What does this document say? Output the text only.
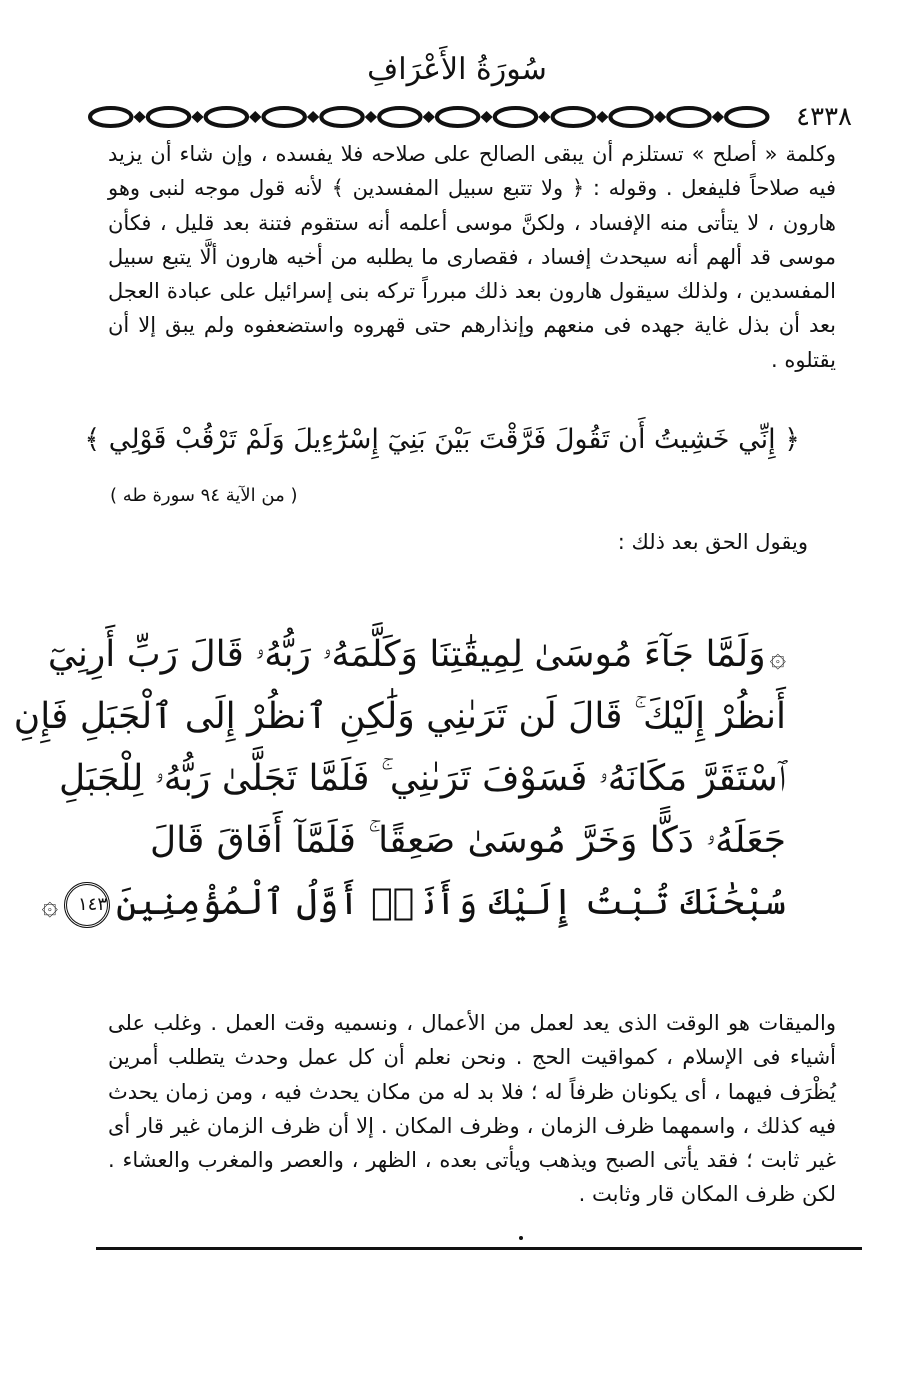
سُورَةُ الأَعْرَافِ
٤٣٣٨
وكلمة « أصلح » تستلزم أن يبقى الصالح على صلاحه فلا يفسده ، وإن شاء أن يزيد فيه صلاحاً فليفعل . وقوله : ﴿ ولا تتبع سبيل المفسدين ﴾ لأنه قول موجه لنبى وهو هارون ، لا يتأتى منه الإفساد ، ولكنَّ موسى أعلمه أنه ستقوم فتنة بعد قليل ، فكأن موسى قد ألهم أنه سيحدث إفساد ، فقصارى ما يطلبه من أخيه هارون ألَّا يتبع سبيل المفسدين ، ولذلك سيقول هارون بعد ذلك مبرراً تركه بنى إسرائيل على عبادة العجل بعد أن بذل غاية جهده فى منعهم وإنذارهم حتى قهروه واستضعفوه ولم يبق إلا أن يقتلوه .
﴿ إِنِّي خَشِيتُ أَن تَقُولَ فَرَّقْتَ بَيْنَ بَنِيٓ إِسْرَٰٓءِيلَ وَلَمْ تَرْقُبْ قَوْلِي ﴾
( من الآية ٩٤ سورة طه )
ويقول الحق بعد ذلك :
۞وَلَمَّا جَآءَ مُوسَىٰ لِمِيقَٰتِنَا وَكَلَّمَهُۥ رَبُّهُۥ قَالَ رَبِّ أَرِنِيٓ
أَنظُرْ إِلَيْكَ ۚ قَالَ لَن تَرَىٰنِي وَلَٰكِنِ ٱنظُرْ إِلَى ٱلْجَبَلِ فَإِنِ
ٱسْتَقَرَّ مَكَانَهُۥ فَسَوْفَ تَرَىٰنِي ۚ فَلَمَّا تَجَلَّىٰ رَبُّهُۥ لِلْجَبَلِ
جَعَلَهُۥ دَكًّا وَخَرَّ مُوسَىٰ صَعِقًا ۚ فَلَمَّآ أَفَاقَ قَالَ
سُبْحَٰنَكَ تُبْتُ إِلَيْكَ وَأَنَا۠ أَوَّلُ ٱلْمُؤْمِنِينَ١٤٣۞
والميقات هو الوقت الذى يعد لعمل من الأعمال ، ونسميه وقت العمل . وغلب على أشياء فى الإسلام ، كمواقيت الحج . ونحن نعلم أن كل عمل وحدث يتطلب أمرين يُظْرَف فيهما ، أى يكونان ظرفاً له ؛ فلا بد له من مكان يحدث فيه ، ومن زمان يحدث فيه كذلك ، واسمهما ظرف الزمان ، وظرف المكان . إلا أن ظرف الزمان غير قار أى غير ثابت ؛ فقد يأتى الصبح ويذهب ويأتى بعده ، الظهر ، والعصر والمغرب والعشاء . لكن ظرف المكان قار وثابت .
